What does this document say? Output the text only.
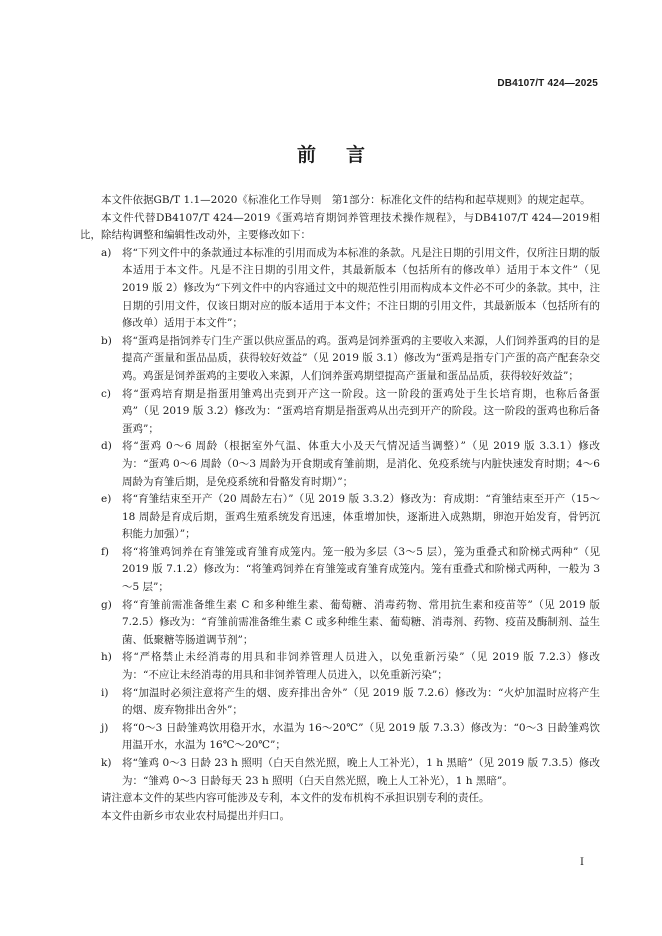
DB4107/T 424—2025
前言

本文件依据GB/T 1.1—2020《标准化工作导则　第1部分：标准化文件的结构和起草规则》的规定起草。

本文件代替DB4107/T 424—2019《蛋鸡培育期饲养管理技术操作规程》，与DB4107/T 424—2019相比，除结构调整和编辑性改动外，主要修改如下：

a) 将“下列文件中的条款通过本标准的引用而成为本标准的条款。凡是注日期的引用文件，仅所注日期的版本适用于本文件。凡是不注日期的引用文件，其最新版本（包括所有的修改单）适用于本文件”（见 2019 版 2）修改为“下列文件中的内容通过文中的规范性引用而构成本文件必不可少的条款。其中，注日期的引用文件，仅该日期对应的版本适用于本文件；不注日期的引用文件，其最新版本（包括所有的修改单）适用于本文件”；
b) 将“蛋鸡是指饲养专门生产蛋以供应蛋品的鸡。蛋鸡是饲养蛋鸡的主要收入来源，人们饲养蛋鸡的目的是提高产蛋量和蛋品品质，获得较好效益”（见 2019 版 3.1）修改为“蛋鸡是指专门产蛋的高产配套杂交鸡。鸡蛋是饲养蛋鸡的主要收入来源，人们饲养蛋鸡期望提高产蛋量和蛋品品质，获得较好效益”；
c) 将“蛋鸡培育期是指蛋用雏鸡出壳到开产这一阶段。这一阶段的蛋鸡处于生长培育期，也称后备蛋鸡”（见 2019 版 3.2）修改为：“蛋鸡培育期是指蛋鸡从出壳到开产的阶段。这一阶段的蛋鸡也称后备蛋鸡”；
d) 将“蛋鸡 0～6 周龄（根据室外气温、体重大小及天气情况适当调整）”（见 2019 版 3.3.1）修改为：“蛋鸡 0～6 周龄（0～3 周龄为开食期或育雏前期，是消化、免疫系统与内脏快速发育时期；4～6 周龄为育雏后期，是免疫系统和骨骼发育时期）”；
e) 将“育雏结束至开产（20 周龄左右）”（见 2019 版 3.3.2）修改为：育成期：“育雏结束至开产（15～18 周龄是育成后期，蛋鸡生殖系统发育迅速，体重增加快，逐渐进入成熟期，卵泡开始发育，骨钙沉积能力加强）”；
f) 将“将雏鸡饲养在育雏笼或育雏育成笼内。笼一般为多层（3～5 层），笼为重叠式和阶梯式两种”（见 2019 版 7.1.2）修改为：“将雏鸡饲养在育雏笼或育雏育成笼内。笼有重叠式和阶梯式两种，一般为 3～5 层”；
g) 将“育雏前需准备维生素 C 和多种维生素、葡萄糖、消毒药物、常用抗生素和疫苗等”（见 2019 版 7.2.5）修改为：“育雏前需准备维生素 C 或多种维生素、葡萄糖、消毒剂、药物、疫苗及酶制剂、益生菌、低聚糖等肠道调节剂”；
h) 将“严格禁止未经消毒的用具和非饲养管理人员进入，以免重新污染”（见 2019 版 7.2.3）修改为：“不应让未经消毒的用具和非饲养管理人员进入，以免重新污染”；
i) 将“加温时必须注意将产生的烟、废弃排出舍外”（见 2019 版 7.2.6）修改为：“火炉加温时应将产生的烟、废弃物排出舍外”；
j) 将“0～3 日龄雏鸡饮用稳开水，水温为 16～20℃”（见 2019 版 7.3.3）修改为：“0～3 日龄雏鸡饮用温开水，水温为 16℃～20℃”；
k) 将“雏鸡 0～3 日龄 23 h 照明（白天自然光照，晚上人工补光），1 h 黑暗”（见 2019 版 7.3.5）修改为：“雏鸡 0～3 日龄每天 23 h 照明（白天自然光照，晚上人工补光），1 h 黑暗”。

请注意本文件的某些内容可能涉及专利，本文件的发布机构不承担识别专利的责任。

本文件由新乡市农业农村局提出并归口。

I
